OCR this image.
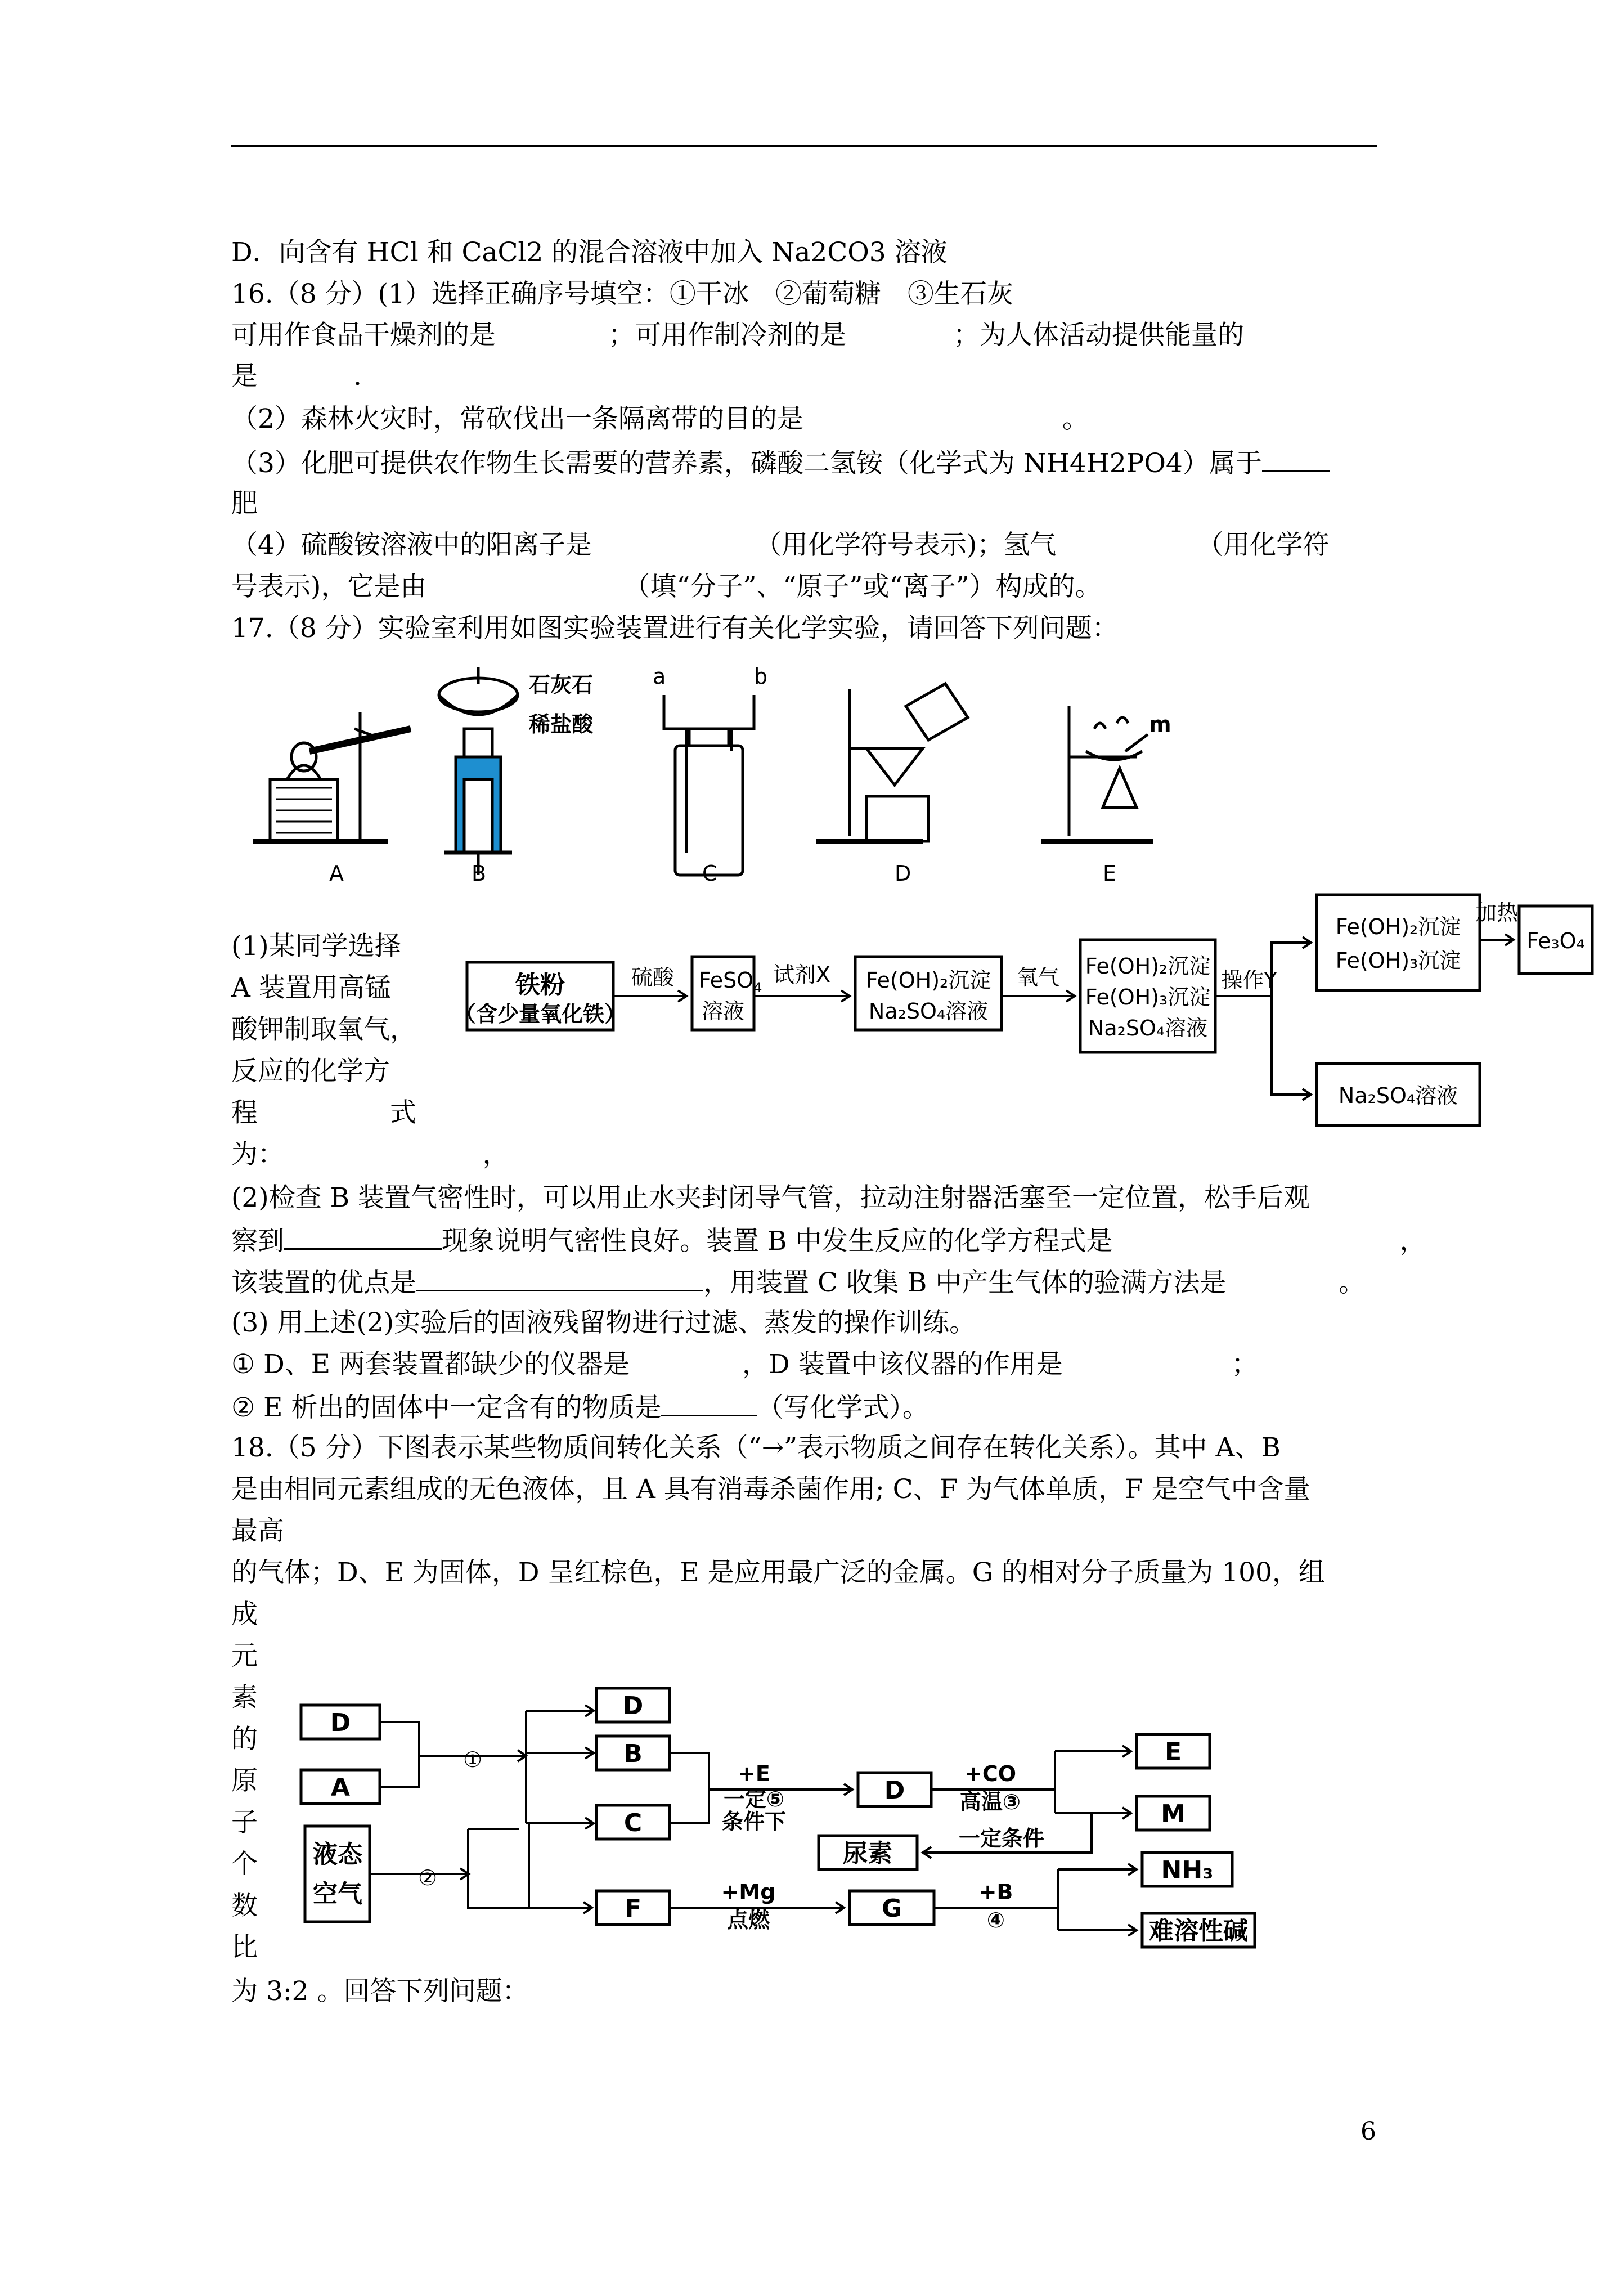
D．向含有 HCl 和 CaCl2 的混合溶液中加入 Na2CO3 溶液
16.（8 分）(1）选择正确序号填空：①干冰　②葡萄糖　③生石灰
可用作食品干燥剂的是	；可用作制冷剂的是	；为人体活动提供能量的
是	.
（2）森林火灾时，常砍伐出一条隔离带的目的是	。
（3）化肥可提供农作物生长需要的营养素，磷酸二氢铵（化学式为 NH4H2PO4）属于
肥
（4）硫酸铵溶液中的阳离子是	（用化学符号表示)；氢气	（用化学符
号表示)，它是由	（填“分子”、“原子”或“离子”）构成的。
17.（8 分）实验室利用如图实验装置进行有关化学实验，请回答下列问题：
石灰石
稀盐酸
a	b
m
A	B	C	D	E
(1)某同学选择
A 装置用高锰
酸钾制取氧气，
反应的化学方
程　　　　　式
为：　　　　　　　　，
铁粉
（含少量氧化铁）
硫酸 FeSO$_4$
溶液
试剂X Fe(OH)₂沉淀
Na₂SO₄溶液
氧气 Fe(OH)₂沉淀
Fe(OH)₃沉淀
Na₂SO₄溶液
操作Y
Fe(OH)₂沉淀
Fe(OH)₃沉淀
加热
Fe₃O₄
Na₂SO₄溶液
(2)检查 B 装置气密性时，可以用止水夹封闭导气管，拉动注射器活塞至一定位置，松手后观
察到	现象说明气密性良好。装置 B 中发生反应的化学方程式是	，
该装置的优点是	，用装置 C 收集 B 中产生气体的验满方法是	。
(3) 用上述(2)实验后的固液残留物进行过滤、蒸发的操作训练。
① D、E 两套装置都缺少的仪器是	，D 装置中该仪器的作用是	；
② E 析出的固体中一定含有的物质是	（写化学式）。
18.（5 分）下图表示某些物质间转化关系（“→”表示物质之间存在转化关系）。其中 A、B
是由相同元素组成的无色液体，且 A 具有消毒杀菌作用; C、F 为气体单质，F 是空气中含量
最高
的气体；D、E 为固体，D 呈红棕色，E 是应用最广泛的金属。G 的相对分子质量为 100，组
成
元
素
的
原
子
个
数
比
为 3:2 。回答下列问题：
D
A
液态空气
D
B
C
F
D
G
E
M
尿素
NH₃
难溶性碱
①
②
+E
一定⑤
条件下
+CO
高温③
一定条件
+Mg
点燃
+B
④
6
